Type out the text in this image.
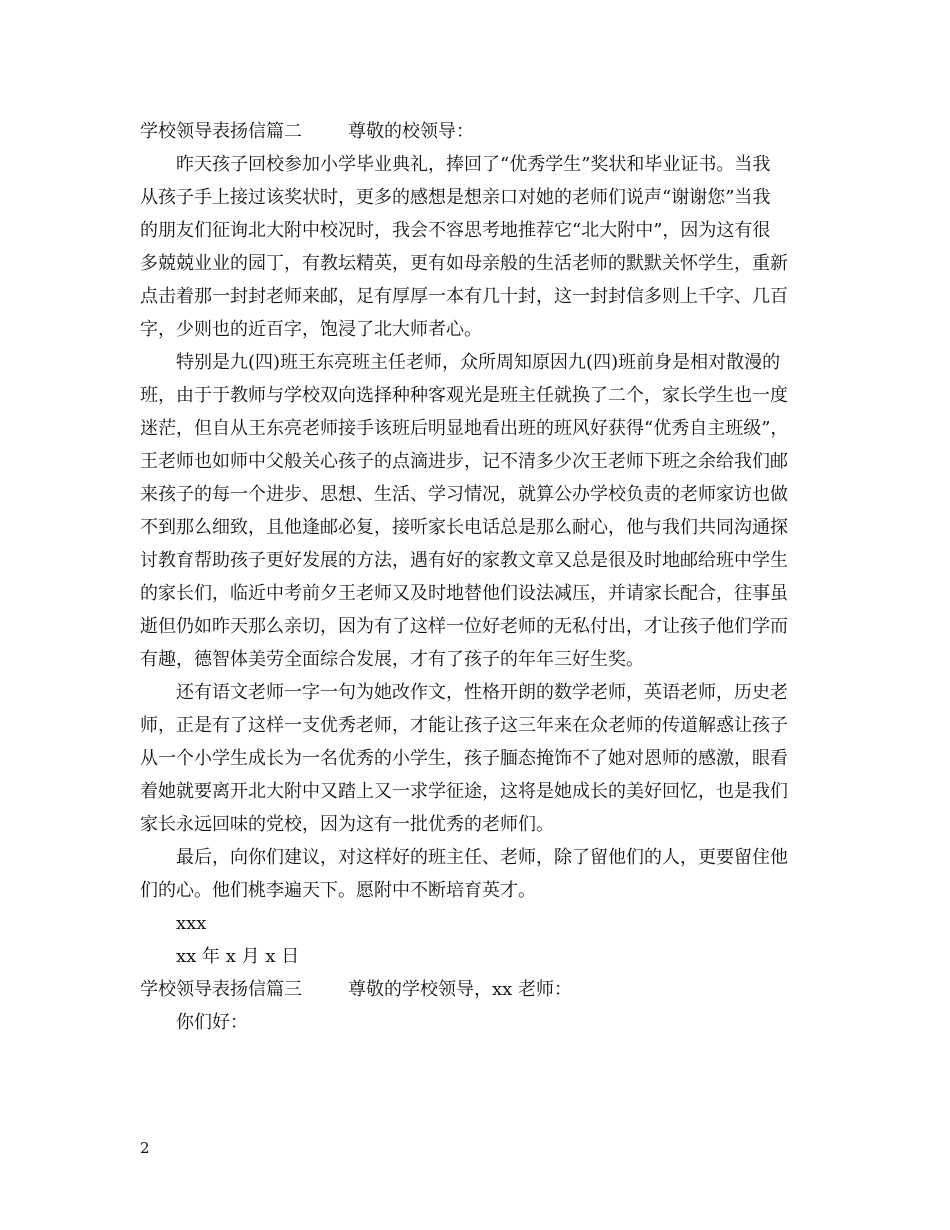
学校领导表扬信篇二	尊敬的校领导：
昨天孩子回校参加小学毕业典礼，捧回了“优秀学生”奖状和毕业证书。当我
从孩子手上接过该奖状时，更多的感想是想亲口对她的老师们说声“谢谢您”当我
的朋友们征询北大附中校况时，我会不容思考地推荐它“北大附中”，因为这有很
多兢兢业业的园丁，有教坛精英，更有如母亲般的生活老师的默默关怀学生，重新
点击着那一封封老师来邮，足有厚厚一本有几十封，这一封封信多则上千字、几百
字，少则也的近百字，饱浸了北大师者心。
特别是九(四)班王东亮班主任老师，众所周知原因九(四)班前身是相对散漫的
班，由于于教师与学校双向选择种种客观光是班主任就换了二个，家长学生也一度
迷茫，但自从王东亮老师接手该班后明显地看出班的班风好获得“优秀自主班级”，
王老师也如师中父般关心孩子的点滴进步，记不清多少次王老师下班之余给我们邮
来孩子的每一个进步、思想、生活、学习情况，就算公办学校负责的老师家访也做
不到那么细致，且他逢邮必复，接听家长电话总是那么耐心，他与我们共同沟通探
讨教育帮助孩子更好发展的方法，遇有好的家教文章又总是很及时地邮给班中学生
的家长们，临近中考前夕王老师又及时地替他们设法减压，并请家长配合，往事虽
逝但仍如昨天那么亲切，因为有了这样一位好老师的无私付出，才让孩子他们学而
有趣，德智体美劳全面综合发展，才有了孩子的年年三好生奖。
还有语文老师一字一句为她改作文，性格开朗的数学老师，英语老师，历史老
师，正是有了这样一支优秀老师，才能让孩子这三年来在众老师的传道解惑让孩子
从一个小学生成长为一名优秀的小学生，孩子腼态掩饰不了她对恩师的感激，眼看
着她就要离开北大附中又踏上又一求学征途，这将是她成长的美好回忆，也是我们
家长永远回味的党校，因为这有一批优秀的老师们。
最后，向你们建议，对这样好的班主任、老师，除了留他们的人，更要留住他
们的心。他们桃李遍天下。愿附中不断培育英才。
xxx
xx 年 x 月 x 日
学校领导表扬信篇三	尊敬的学校领导，xx 老师：
你们好：
2
